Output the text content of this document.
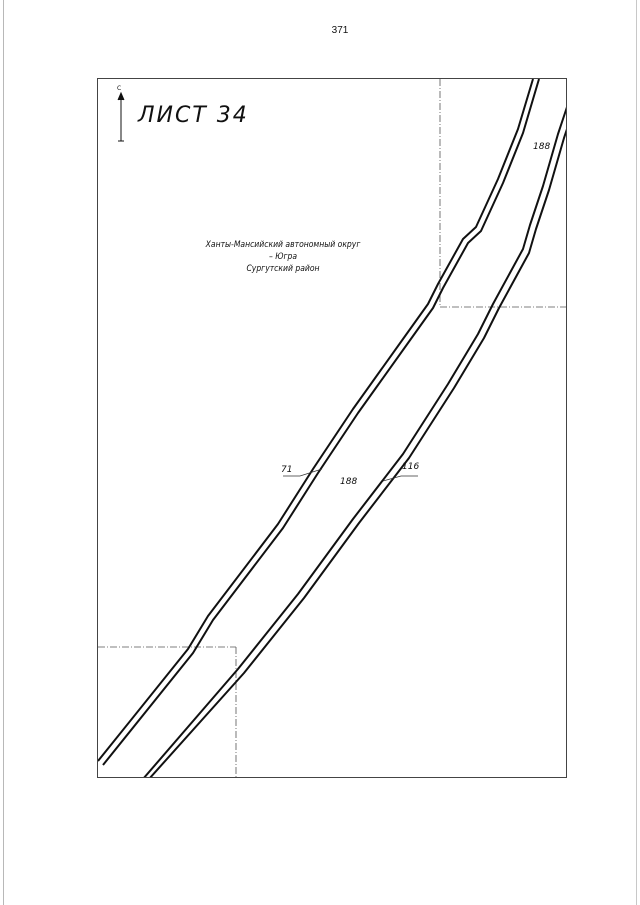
371
ЛИСТ 34
Ханты-Мансийский автономный округ
– Югра
Сургутский район
188
188
71	116
С
